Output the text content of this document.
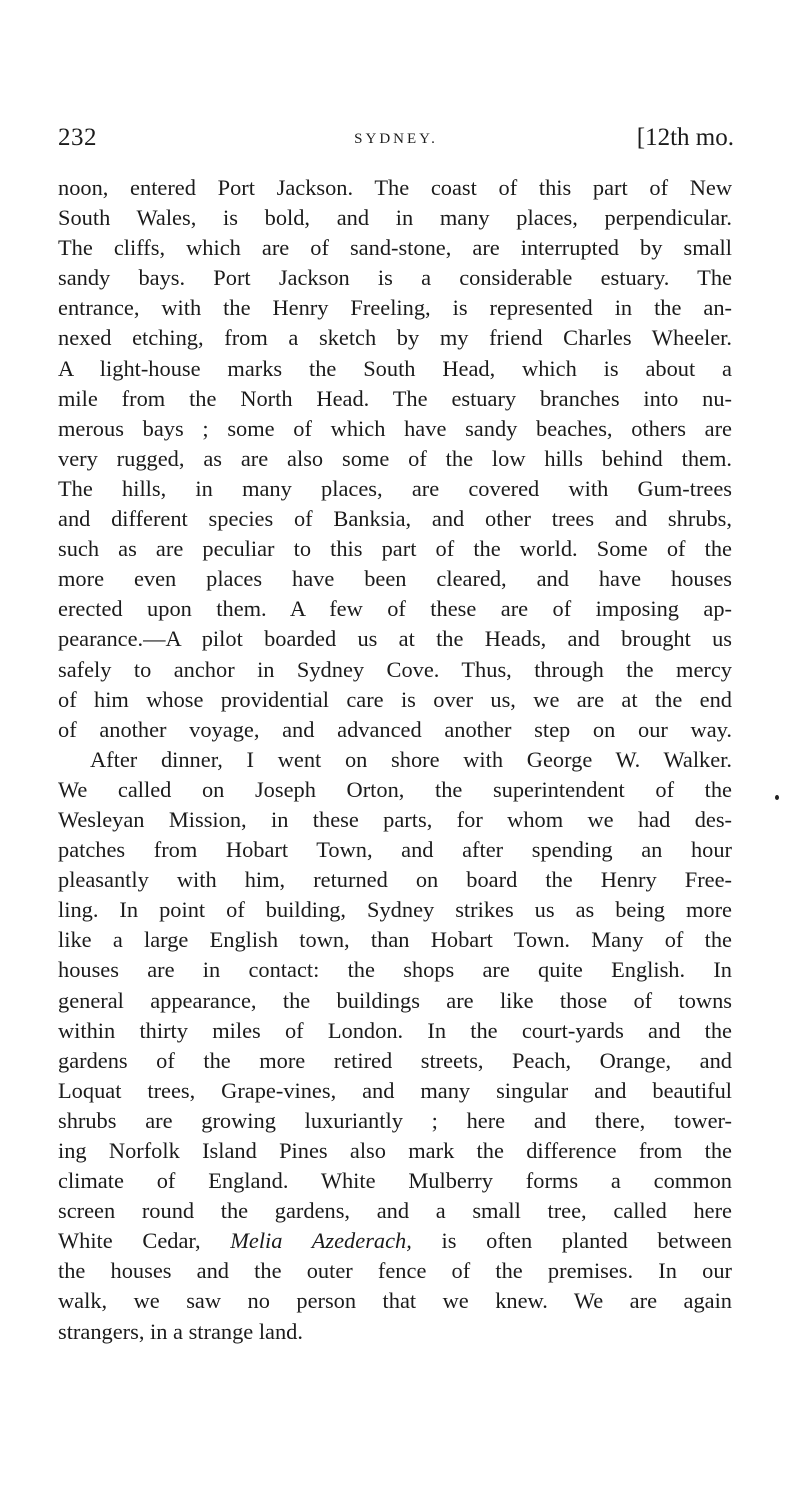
232	SYDNEY.	[12th mo.
noon, entered Port Jackson. The coast of this part of New
South Wales, is bold, and in many places, perpendicular.
The cliffs, which are of sand-stone, are interrupted by small
sandy bays. Port Jackson is a considerable estuary. The
entrance, with the Henry Freeling, is represented in the an-
nexed etching, from a sketch by my friend Charles Wheeler.
A light-house marks the South Head, which is about a
mile from the North Head. The estuary branches into nu-
merous bays ; some of which have sandy beaches, others are
very rugged, as are also some of the low hills behind them.
The hills, in many places, are covered with Gum-trees
and different species of Banksia, and other trees and shrubs,
such as are peculiar to this part of the world. Some of the
more even places have been cleared, and have houses
erected upon them. A few of these are of imposing ap-
pearance.—A pilot boarded us at the Heads, and brought us
safely to anchor in Sydney Cove. Thus, through the mercy
of him whose providential care is over us, we are at the end
of another voyage, and advanced another step on our way.
After dinner, I went on shore with George W. Walker.
We called on Joseph Orton, the superintendent of the
Wesleyan Mission, in these parts, for whom we had des-
patches from Hobart Town, and after spending an hour
pleasantly with him, returned on board the Henry Free-
ling. In point of building, Sydney strikes us as being more
like a large English town, than Hobart Town. Many of the
houses are in contact: the shops are quite English. In
general appearance, the buildings are like those of towns
within thirty miles of London. In the court-yards and the
gardens of the more retired streets, Peach, Orange, and
Loquat trees, Grape-vines, and many singular and beautiful
shrubs are growing luxuriantly ; here and there, tower-
ing Norfolk Island Pines also mark the difference from the
climate of England. White Mulberry forms a common
screen round the gardens, and a small tree, called here
White Cedar, Melia Azederach, is often planted between
the houses and the outer fence of the premises. In our
walk, we saw no person that we knew. We are again
strangers, in a strange land.
